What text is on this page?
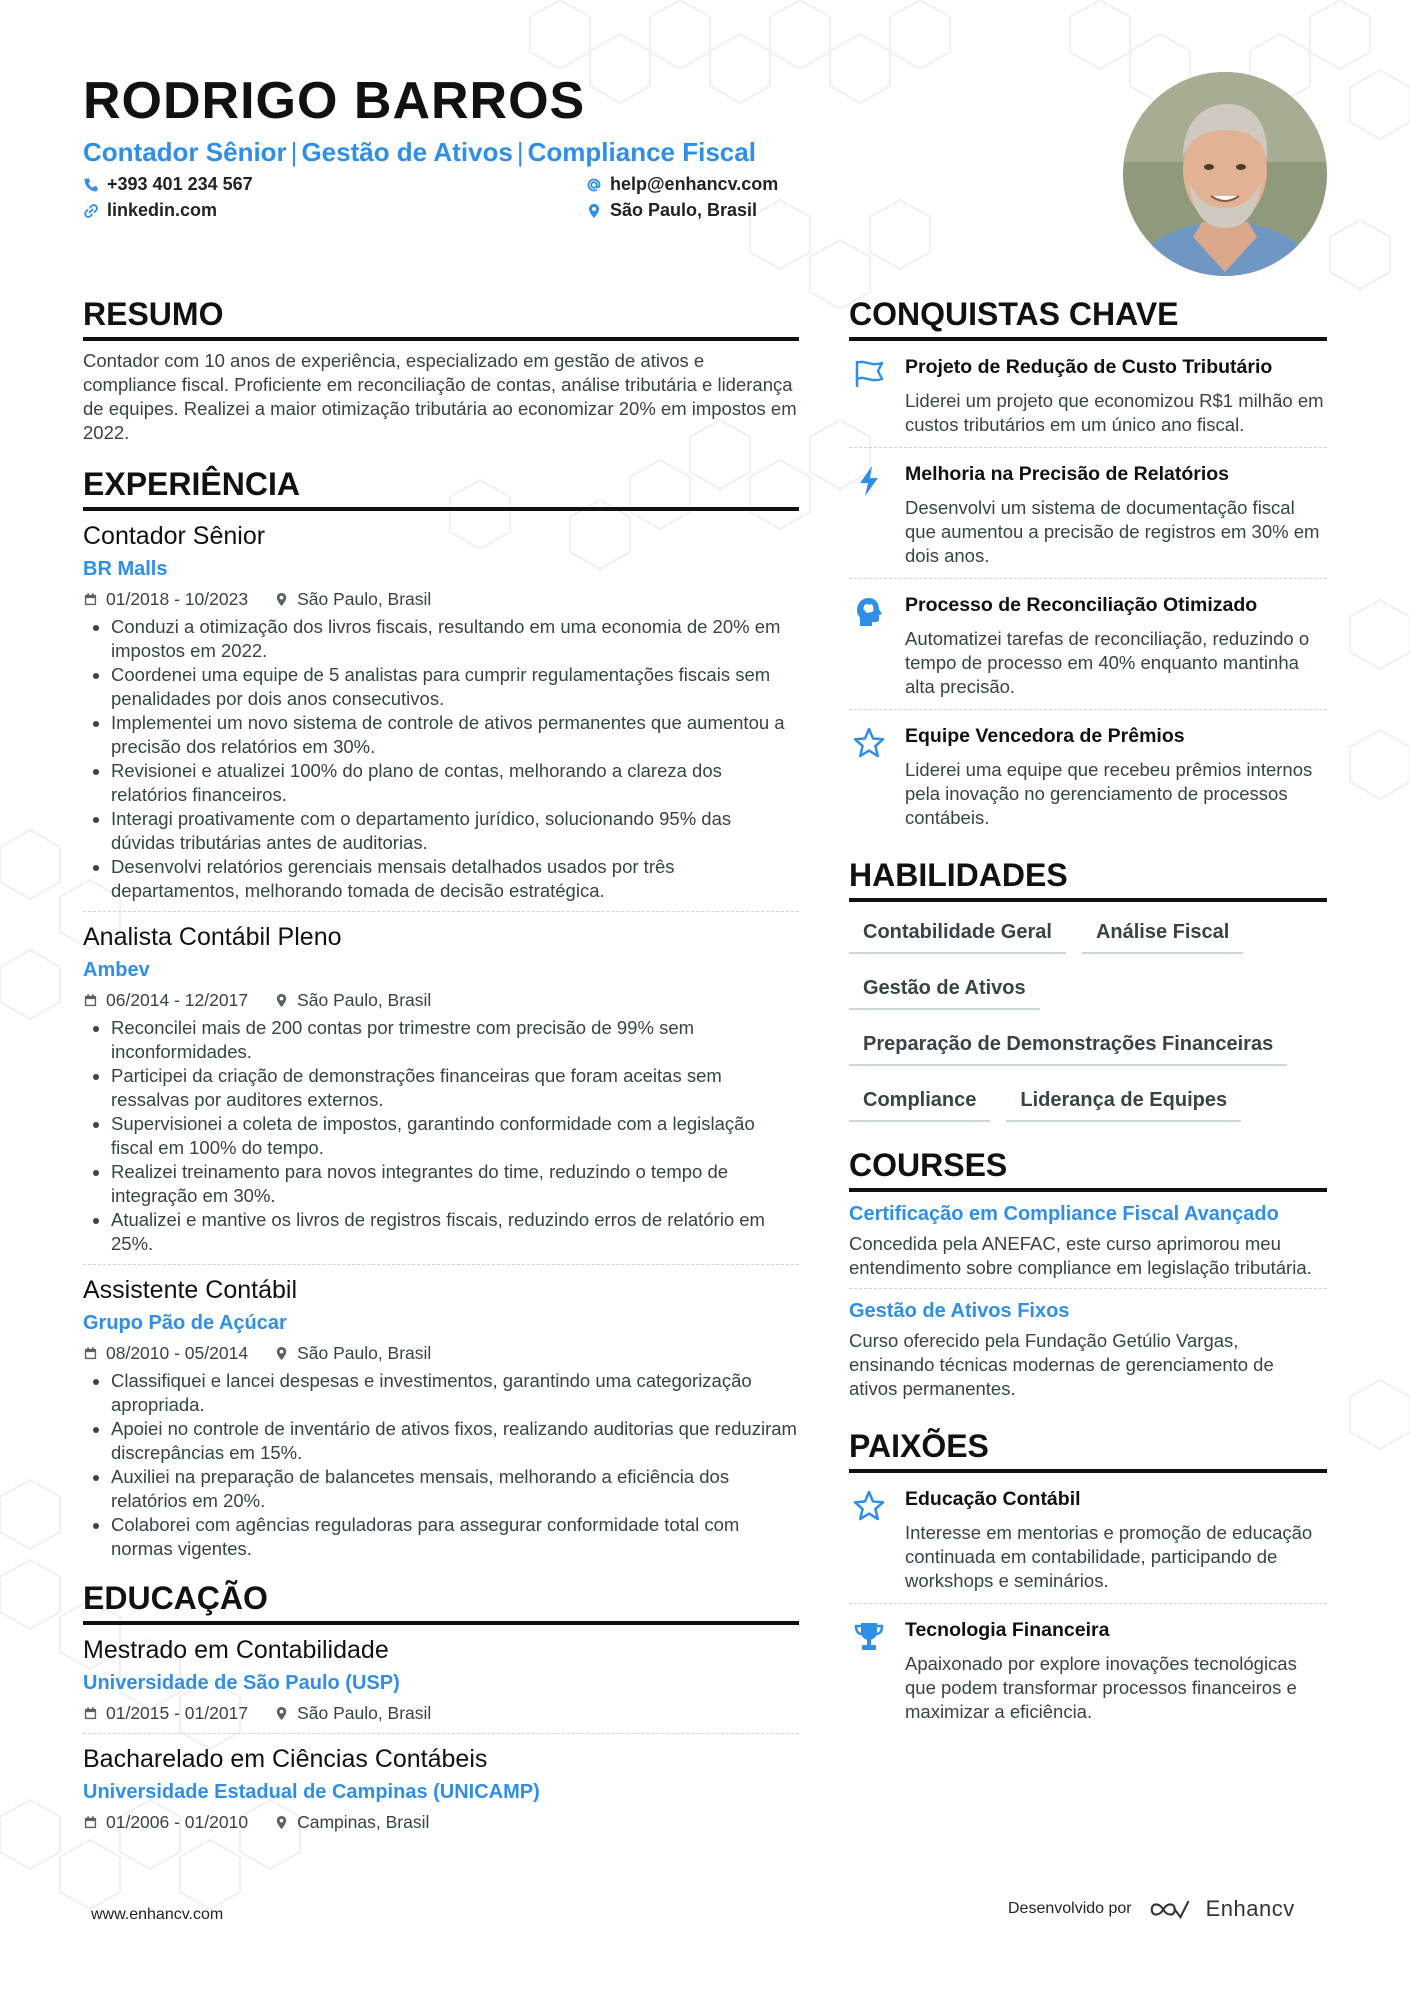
RODRIGO BARROS
Contador Sênior | Gestão de Ativos | Compliance Fiscal
+393 401 234 567	help@enhancv.com
linkedin.com	São Paulo, Brasil
RESUMO

Contador com 10 anos de experiência, especializado em gestão de ativos e compliance fiscal. Proficiente em reconciliação de contas, análise tributária e liderança de equipes. Realizei a maior otimização tributária ao economizar 20% em impostos em 2022.

EXPERIÊNCIA
Contador Sênior
BR Malls
01/2018 - 10/2023	São Paulo, Brasil
• Conduzi a otimização dos livros fiscais, resultando em uma economia de 20% em impostos em 2022.
• Coordenei uma equipe de 5 analistas para cumprir regulamentações fiscais sem penalidades por dois anos consecutivos.
• Implementei um novo sistema de controle de ativos permanentes que aumentou a precisão dos relatórios em 30%.
• Revisionei e atualizei 100% do plano de contas, melhorando a clareza dos relatórios financeiros.
• Interagi proativamente com o departamento jurídico, solucionando 95% das dúvidas tributárias antes de auditorias.
• Desenvolvi relatórios gerenciais mensais detalhados usados por três departamentos, melhorando tomada de decisão estratégica.
Analista Contábil Pleno
Ambev
06/2014 - 12/2017	São Paulo, Brasil
• Reconcilei mais de 200 contas por trimestre com precisão de 99% sem inconformidades.
• Participei da criação de demonstrações financeiras que foram aceitas sem ressalvas por auditores externos.
• Supervisionei a coleta de impostos, garantindo conformidade com a legislação fiscal em 100% do tempo.
• Realizei treinamento para novos integrantes do time, reduzindo o tempo de integração em 30%.
• Atualizei e mantive os livros de registros fiscais, reduzindo erros de relatório em 25%.
Assistente Contábil
Grupo Pão de Açúcar
08/2010 - 05/2014	São Paulo, Brasil
• Classifiquei e lancei despesas e investimentos, garantindo uma categorização apropriada.
• Apoiei no controle de inventário de ativos fixos, realizando auditorias que reduziram discrepâncias em 15%.
• Auxiliei na preparação de balancetes mensais, melhorando a eficiência dos relatórios em 20%.
• Colaborei com agências reguladoras para assegurar conformidade total com normas vigentes.
EDUCAÇÃO
Mestrado em Contabilidade
Universidade de São Paulo (USP)
01/2015 - 01/2017	São Paulo, Brasil
Bacharelado em Ciências Contábeis
Universidade Estadual de Campinas (UNICAMP)
01/2006 - 01/2010	Campinas, Brasil
CONQUISTAS CHAVE
Projeto de Redução de Custo Tributário
Liderei um projeto que economizou R$1 milhão em custos tributários em um único ano fiscal.
Melhoria na Precisão de Relatórios
Desenvolvi um sistema de documentação fiscal que aumentou a precisão de registros em 30% em dois anos.
Processo de Reconciliação Otimizado
Automatizei tarefas de reconciliação, reduzindo o tempo de processo em 40% enquanto mantinha alta precisão.
Equipe Vencedora de Prêmios
Liderei uma equipe que recebeu prêmios internos pela inovação no gerenciamento de processos contábeis.
HABILIDADES
Contabilidade Geral	Análise Fiscal
Gestão de Ativos
Preparação de Demonstrações Financeiras
Compliance	Liderança de Equipes
COURSES
Certificação em Compliance Fiscal Avançado
Concedida pela ANEFAC, este curso aprimorou meu entendimento sobre compliance em legislação tributária.
Gestão de Ativos Fixos
Curso oferecido pela Fundação Getúlio Vargas, ensinando técnicas modernas de gerenciamento de ativos permanentes.
PAIXÕES
Educação Contábil
Interesse em mentorias e promoção de educação continuada em contabilidade, participando de workshops e seminários.
Tecnologia Financeira
Apaixonado por explore inovações tecnológicas que podem transformar processos financeiros e maximizar a eficiência.
www.enhancv.com	Desenvolvido por	Enhancv
